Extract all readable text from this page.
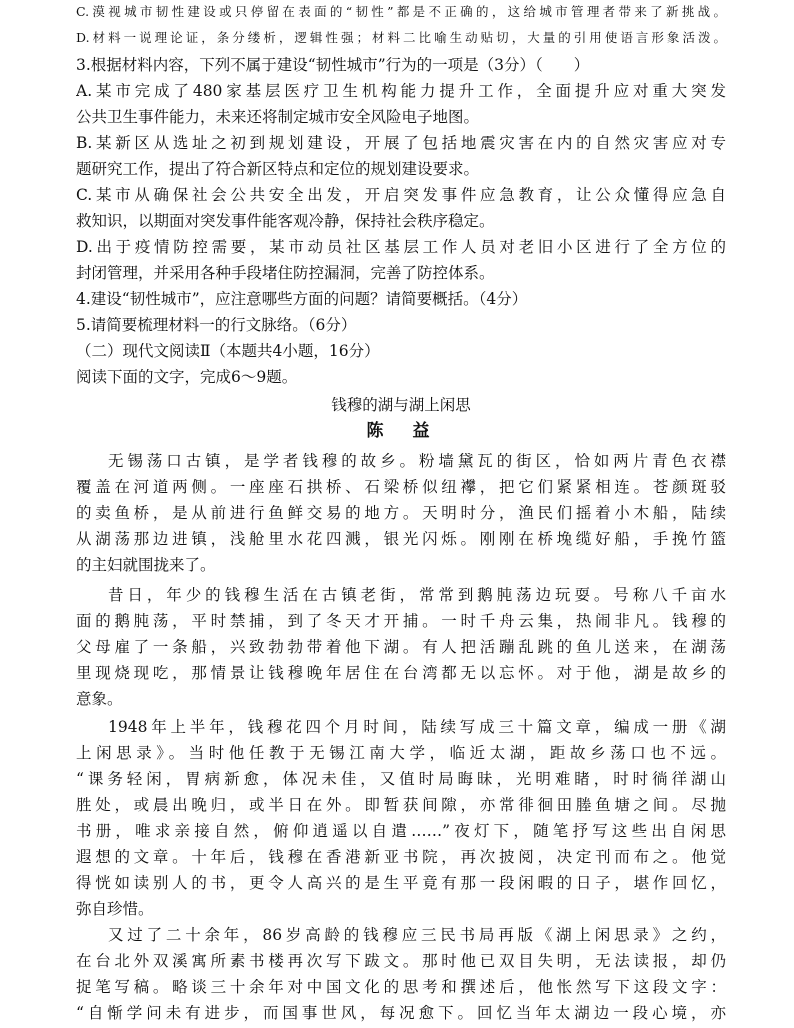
C.漠视城市韧性建设或只停留在表面的“韧性”都是不正确的，这给城市管理者带来了新挑战。
D.材料一说理论证，条分缕析，逻辑性强；材料二比喻生动贴切，大量的引用使语言形象活泼。
3.根据材料内容，下列不属于建设“韧性城市”行为的一项是（3分）（　　）
A.某市完成了480家基层医疗卫生机构能力提升工作，全面提升应对重大突发
公共卫生事件能力，未来还将制定城市安全风险电子地图。
B.某新区从选址之初到规划建设，开展了包括地震灾害在内的自然灾害应对专
题研究工作，提出了符合新区特点和定位的规划建设要求。
C.某市从确保社会公共安全出发，开启突发事件应急教育，让公众懂得应急自
救知识，以期面对突发事件能客观冷静，保持社会秩序稳定。
D.出于疫情防控需要，某市动员社区基层工作人员对老旧小区进行了全方位的
封闭管理，并采用各种手段堵住防控漏洞，完善了防控体系。
4.建设“韧性城市”，应注意哪些方面的问题？请简要概括。（4分）
5.请简要梳理材料一的行文脉络。（6分）
（二）现代文阅读Ⅱ（本题共4小题，16分）
阅读下面的文字，完成6～9题。
钱穆的湖与湖上闲思
陈　益
无锡荡口古镇，是学者钱穆的故乡。粉墙黛瓦的街区，恰如两片青色衣襟
覆盖在河道两侧。一座座石拱桥、石梁桥似纽襻，把它们紧紧相连。苍颜斑驳
的卖鱼桥，是从前进行鱼鲜交易的地方。天明时分，渔民们摇着小木船，陆续
从湖荡那边进镇，浅舱里水花四溅，银光闪烁。刚刚在桥堍缆好船，手挽竹篮
的主妇就围拢来了。
昔日，年少的钱穆生活在古镇老街，常常到鹅肫荡边玩耍。号称八千亩水
面的鹅肫荡，平时禁捕，到了冬天才开捕。一时千舟云集，热闹非凡。钱穆的
父母雇了一条船，兴致勃勃带着他下湖。有人把活蹦乱跳的鱼儿送来，在湖荡
里现烧现吃，那情景让钱穆晚年居住在台湾都无以忘怀。对于他，湖是故乡的
意象。
1948年上半年，钱穆花四个月时间，陆续写成三十篇文章，编成一册《湖
上闲思录》。当时他任教于无锡江南大学，临近太湖，距故乡荡口也不远。
“课务轻闲，胃病新愈，体况未佳，又值时局晦昧，光明难睹，时时徜徉湖山
胜处，或晨出晚归，或半日在外。即暂获间隙，亦常徘徊田塍鱼塘之间。尽抛
书册，唯求亲接自然，俯仰逍遥以自遣……”夜灯下，随笔抒写这些出自闲思
遐想的文章。十年后，钱穆在香港新亚书院，再次披阅，决定刊而布之。他觉
得恍如读别人的书，更令人高兴的是生平竟有那一段闲暇的日子，堪作回忆，
弥自珍惜。
又过了二十余年，86岁高龄的钱穆应三民书局再版《湖上闲思录》之约，
在台北外双溪寓所素书楼再次写下跋文。那时他已双目失明，无法读报，却仍
捉笔写稿。略谈三十余年对中国文化的思考和撰述后，他怅然写下这段文字：
“自惭学问未有进步，而国事世风，每况愈下。回忆当年太湖边一段心境，亦
